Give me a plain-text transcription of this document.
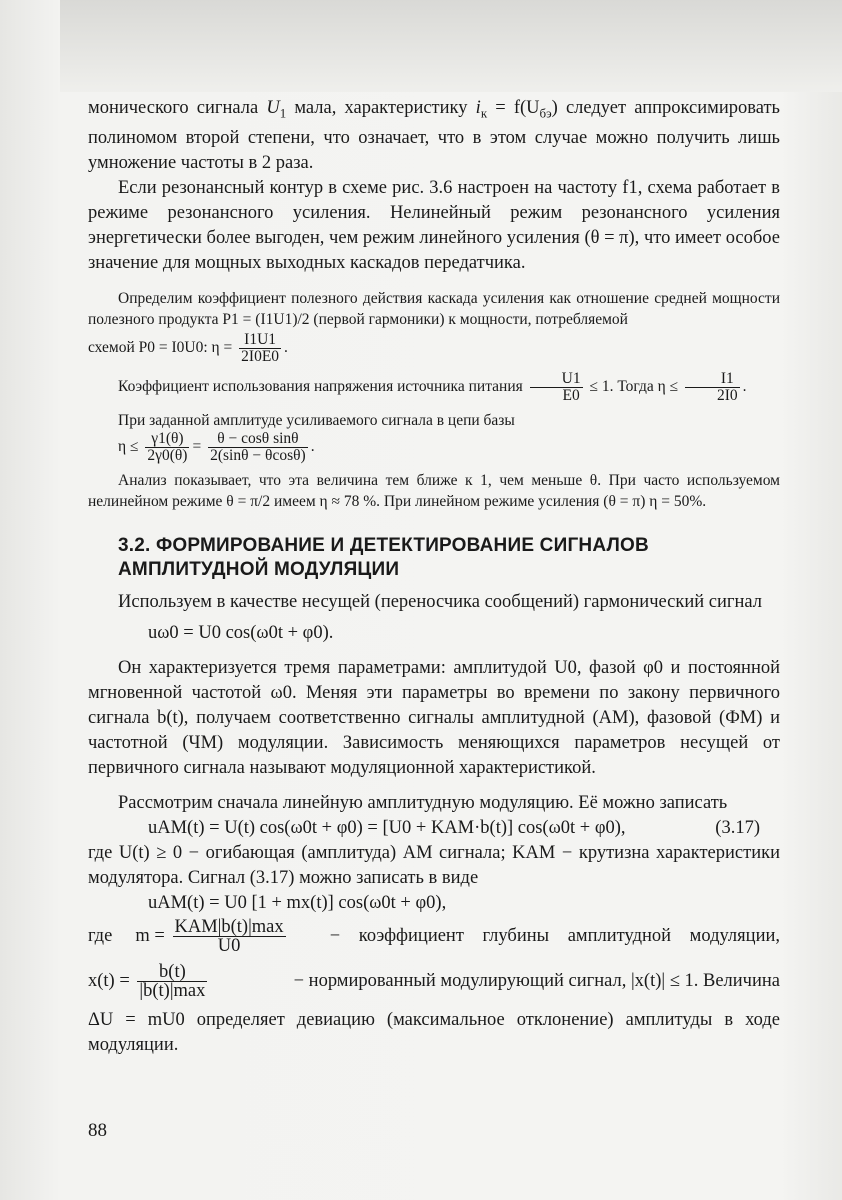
монического сигнала $U_1$ мала, характеристику $i_к = f(U_{бэ})$ следует аппроксимировать полиномом второй степени, что означает, что в этом случае можно получить лишь умножение частоты в 2 раза.

Если резонансный контур в схеме рис. 3.6 настроен на частоту f1, схема работает в режиме резонансного усиления. Нелинейный режим резонансного усиления энергетически более выгоден, чем режим линейного усиления (θ = π), что имеет особое значение для мощных выходных каскадов передатчика.

Определим коэффициент полезного действия каскада усиления как отношение средней мощности полезного продукта P1 = (I1U1)/2 (первой гармоники) к мощности, потребляемой

схемой P0 = I0U0: $\eta = \frac{I1U1}{2I0E0}$ .

Коэффициент использования напряжения источника питания $\frac{U1}{E0} \le 1$. Тогда $\eta \le \frac{I1}{2I0}$ .

При заданной амплитуде усиливаемого сигнала в цепи базы

$\eta \le \frac{\gamma 1(\theta)}{2\gamma 0(\theta)} = \frac{\text{θ − cosθ sinθ}}{2(\sin\theta - \theta\cos\theta)}$ .

Анализ показывает, что эта величина тем ближе к 1, чем меньше θ. При часто используемом нелинейном режиме θ = π/2 имеем η ≈ 78 %. При линейном режиме усиления (θ = π) η = 50%.

3.2. ФОРМИРОВАНИЕ И ДЕТЕКТИРОВАНИЕ СИГНАЛОВ АМПЛИТУДНОЙ МОДУЛЯЦИИ

Используем в качестве несущей (переносчика сообщений) гармонический сигнал

uω0 = U0 cos(ω0t + φ0).

Он характеризуется тремя параметрами: амплитудой U0, фазой φ0 и постоянной мгновенной частотой ω0. Меняя эти параметры во времени по закону первичного сигнала b(t), получаем соответственно сигналы амплитудной (АМ), фазовой (ФМ) и частотной (ЧМ) модуляции. Зависимость меняющихся параметров несущей от первичного сигнала называют модуляционной характеристикой.

Рассмотрим сначала линейную амплитудную модуляцию. Её можно записать

uАМ(t) = U(t) cos(ω0t + φ0) = [U0 + KАМ·b(t)] cos(ω0t + φ0),	(3.17)

где U(t) ≥ 0 − огибающая (амплитуда) АМ сигнала; KАМ − крутизна характеристики модулятора. Сигнал (3.17) можно записать в виде

uАМ(t) = U0 [1 + mx(t)] cos(ω0t + φ0),

где $m = \frac{\text{KАМ|b(t)|max}}{U0}$ − коэффициент глубины амплитудной модуляции,
$x(t) = \frac{b(t)}{|b(t)|\max}$	− нормированный модулирующий сигнал, |x(t)| ≤ 1. Величина

ΔU = mU0 определяет девиацию (максимальное отклонение) амплитуды в ходе модуляции.

88
